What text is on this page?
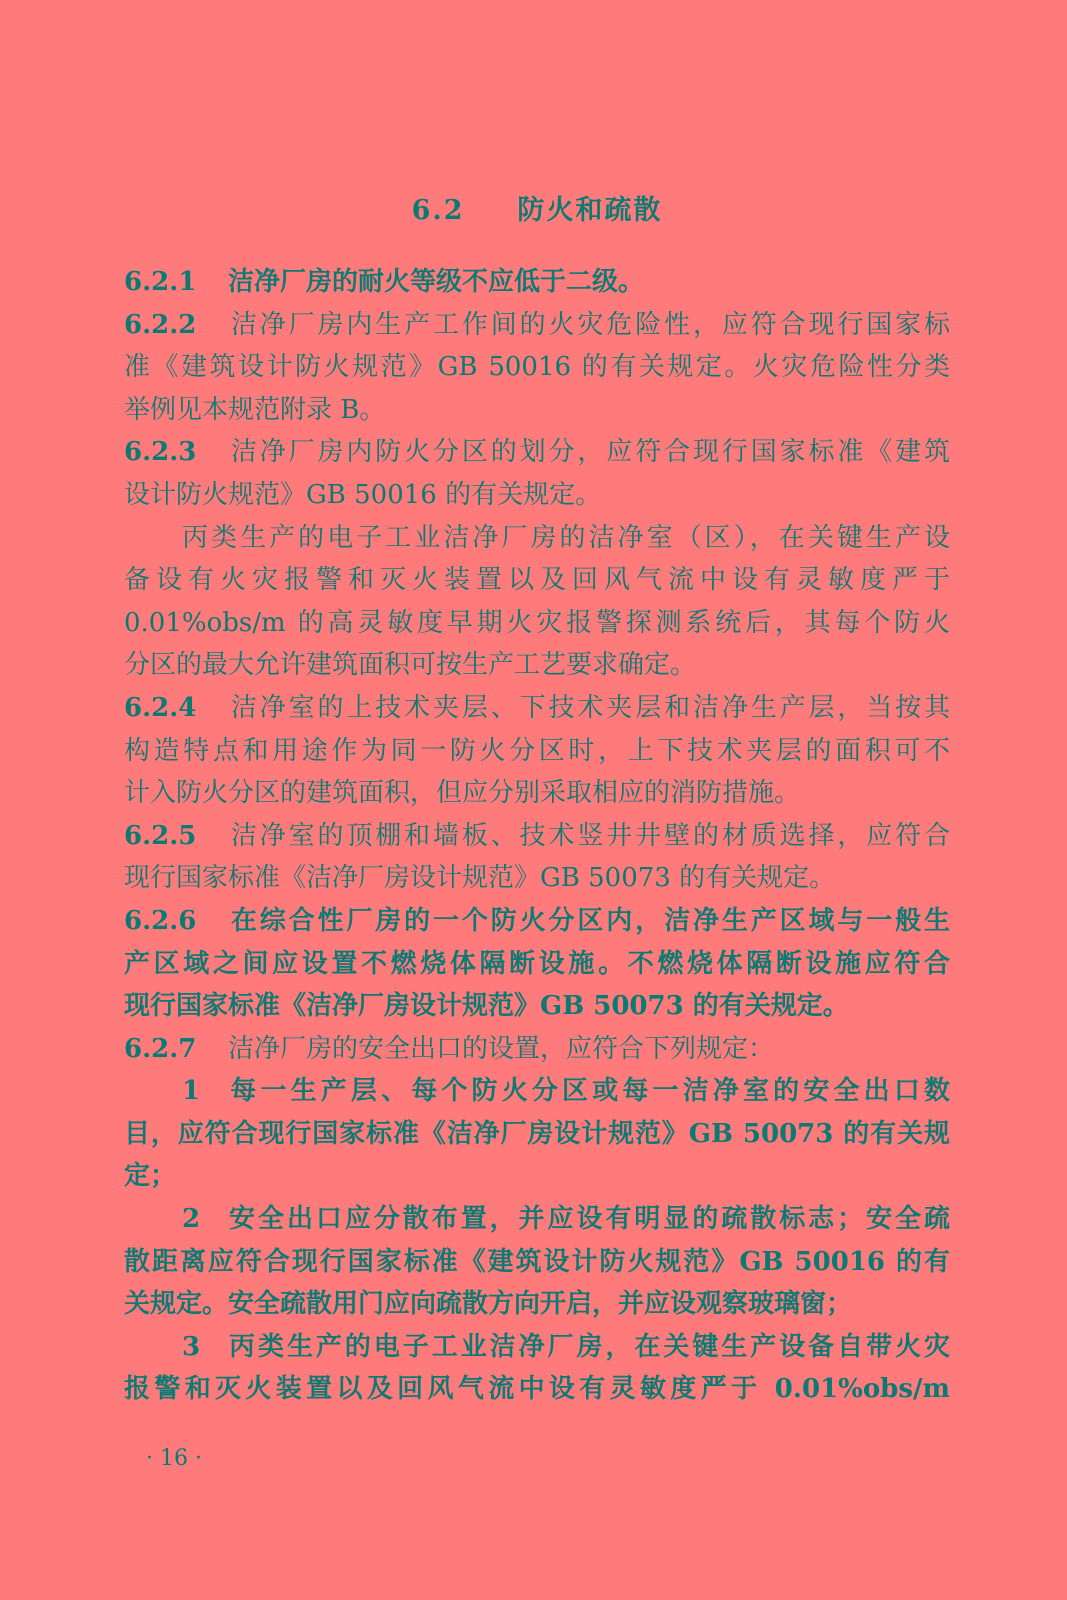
6.2 防火和疏散
6.2.1 洁净厂房的耐火等级不应低于二级。
6.2.2 洁净厂房内生产工作间的火灾危险性，应符合现行国家标
准《建筑设计防火规范》GB 50016 的有关规定。火灾危险性分类
举例见本规范附录 B。
6.2.3 洁净厂房内防火分区的划分，应符合现行国家标准《建筑
设计防火规范》GB 50016 的有关规定。
丙类生产的电子工业洁净厂房的洁净室（区），在关键生产设
备设有火灾报警和灭火装置以及回风气流中设有灵敏度严于
0.01%obs/m 的高灵敏度早期火灾报警探测系统后，其每个防火
分区的最大允许建筑面积可按生产工艺要求确定。
6.2.4 洁净室的上技术夹层、下技术夹层和洁净生产层，当按其
构造特点和用途作为同一防火分区时，上下技术夹层的面积可不
计入防火分区的建筑面积，但应分别采取相应的消防措施。
6.2.5 洁净室的顶棚和墙板、技术竖井井壁的材质选择，应符合
现行国家标准《洁净厂房设计规范》GB 50073 的有关规定。
6.2.6 在综合性厂房的一个防火分区内，洁净生产区域与一般生
产区域之间应设置不燃烧体隔断设施。不燃烧体隔断设施应符合
现行国家标准《洁净厂房设计规范》GB 50073 的有关规定。
6.2.7 洁净厂房的安全出口的设置，应符合下列规定：
1 每一生产层、每个防火分区或每一洁净室的安全出口数
目，应符合现行国家标准《洁净厂房设计规范》GB 50073 的有关规
定；
2 安全出口应分散布置，并应设有明显的疏散标志；安全疏
散距离应符合现行国家标准《建筑设计防火规范》GB 50016 的有
关规定。安全疏散用门应向疏散方向开启，并应设观察玻璃窗；
3 丙类生产的电子工业洁净厂房，在关键生产设备自带火灾
报警和灭火装置以及回风气流中设有灵敏度严于 0.01%obs/m
· 16 ·
